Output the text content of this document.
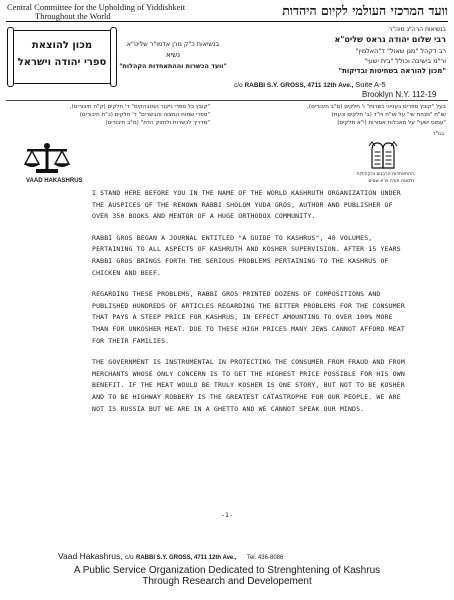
Central Committee for the Upholding of Yiddishkeit
Throughout the World	וועד המרכזי העולמי לקיום היהדות
מכון להוצאת
ספרי יהודה וישראל
בנשיאות כ"ק מרן אדמו"ר שליט"א
נשיא
"וועד הכשרות וההתאחדות הקהלות"
בנשיאות הרה"ג מוה"ר
רבי שלום יהודה גראס שליט"א
רב דקהל "מגן שאול" ד"האלמין"
ור"מ בישיבה וכולל "בית ישעי"
"מכון להוראה בשחיטות ובדיקות"
c/o RABBI S.Y. GROSS, 4711 12th Ave., Suite A-5
Brooklyn N.Y. 112-19
"קובץ כל ספרי ניקור המובהקים" ד' חלקים (ק"ח חיבורים),
"ספרי שמות המצוה והבשרים" ד' חלקים (כ"ח חיבורים)
"מדריך לכשרות ולחזוק הדת" (מ"ב חיבורים)
בעל "קובץ ספרים בענייני כשרות" ו' חלקים (מ"ב חיבורים),
שו"ת "מנחת שי" על או"ח ויו"ד (ב' חלקים וכעת)
"עמוס ישעי" על מאכלות אסורות (י"א חלקים)
בס"ד
VAAD HAKASHRUS
ההתאחדות הרבנים והקהילות
ולמטה תורה וירא שמים

I STAND HERE BEFORE YOU IN THE NAME OF THE WORLD KASHRUTH ORGANIZATION UNDER THE AUSPICES OF THE RENOWN RABBI SHOLOM YUDA GROS, AUTHOR AND PUBLISHER OF OVER 350 BOOKS AND MENTOR OF A HUGE ORTHODOX COMMUNITY.

RABBI GROS BEGAN A JOURNAL ENTITLED "A GUIDE TO KASHRUS", 40 VOLUMES, PERTAINING TO ALL ASPECTS OF KASHRUTH AND KOSHER SUPERVISION. AFTER 15 YEARS RABBI GROS BRINGS FORTH THE SERIOUS PROBLEMS PERTAINING TO THE KASHRUS OF CHICKEN AND BEEF.

REGARDING THESE PROBLEMS, RABBI GROS PRINTED DOZENS OF COMPOSITIONS AND PUBLISHED HUNDREDS OF ARTICLES REGARDING THE BITTER PROBLEMS FOR THE CONSUMER THAT PAYS A STEEP PRICE FOR KASHRUS, IN EFFECT AMOUNTING TO OVER 100% MORE THAN FOR UNKOSHER MEAT. DUE TO THESE HIGH PRICES MANY JEWS CANNOT AFFORD MEAT FOR THEIR FAMILIES.

THE GOVERNMENT IS INSTRUMENTAL IN PROTECTING THE CONSUMER FROM FRAUD AND FROM MERCHANTS WHOSE ONLY CONCERN IS TO GET THE HIGHEST PRICE POSSIBLE FOR HIS OWN BENEFIT. IF THE MEAT WOULD BE TRULY KOSHER IS ONE STORY, BUT NOT TO BE KOSHER AND TO BE HIGHWAY ROBBERY IS THE GREATEST CATASTROPHE FOR OUR PEOPLE. WE ARE NOT IS RUSSIA BUT WE ARE IN A GHETTO AND WE CANNOT SPEAK OUR MINDS.

-1-
Vaad Hakashrus, c/o RABBI S.Y. GROSS, 4711 12th Ave., Tel. 436-8086
A Public Service Organization Dedicated to Strenghtening of Kashrus
Through Research and Developement
